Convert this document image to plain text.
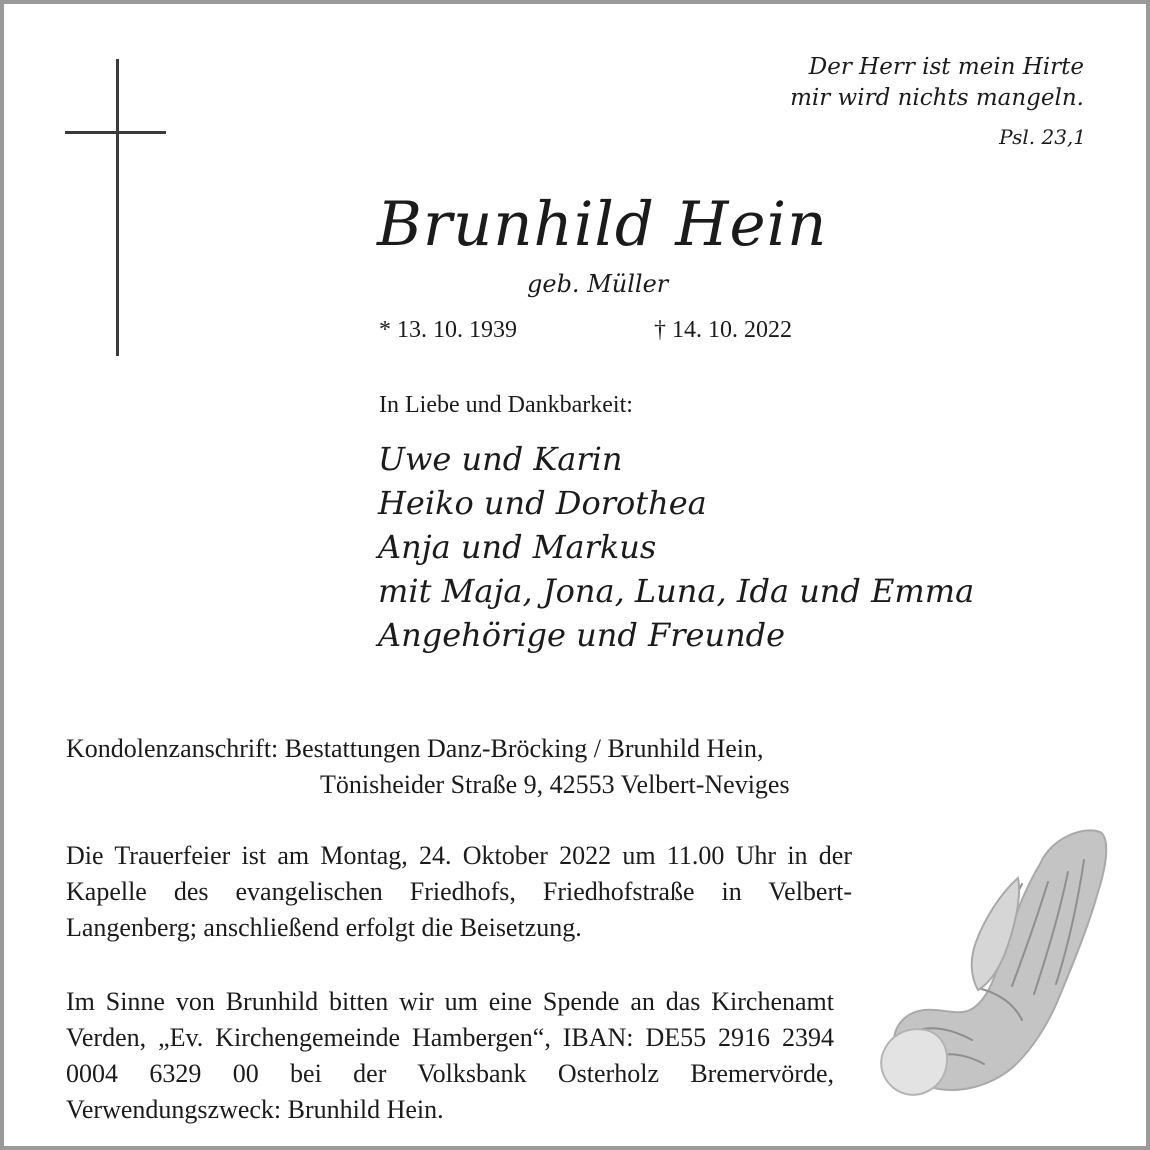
Der Herr ist mein Hirte
mir wird nichts mangeln.
Psl. 23,1
Brunhild Hein
geb. Müller
* 13. 10. 1939	† 14. 10. 2022
In Liebe und Dankbarkeit:
Uwe und Karin
Heiko und Dorothea
Anja und Markus
mit Maja, Jona, Luna, Ida und Emma
Angehörige und Freunde
Kondolenzanschrift: Bestattungen Danz-Bröcking / Brunhild Hein,
Tönisheider Straße 9, 42553 Velbert-Neviges
Die Trauerfeier ist am Montag, 24. Oktober 2022 um 11.00 Uhr in der Kapelle des evangelischen Friedhofs, Friedhofstraße in Velbert-Langenberg; anschließend erfolgt die Beisetzung.
Im Sinne von Brunhild bitten wir um eine Spende an das Kirchenamt Verden, „Ev. Kirchengemeinde Hambergen“, IBAN: DE55 2916 2394 0004 6329 00 bei der Volksbank Osterholz Bremervörde, Verwendungszweck: Brunhild Hein.
